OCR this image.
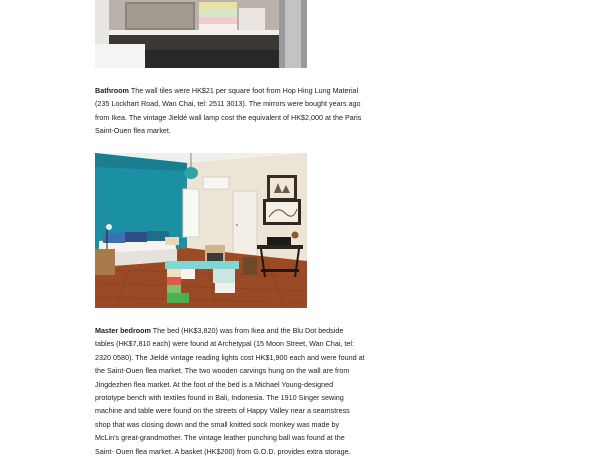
Bathroom The wall tiles were HK$21 per square foot from Hop Hing Lung Material
(235 Lockhart Road, Wan Chai, tel: 2511 3013). The mirrors were bought years ago
from Ikea. The vintage Jieldé wall lamp cost the equivalent of HK$2,000 at the Paris
Saint-Ouen flea market.

Master bedroom The bed (HK$3,820) was from Ikea and the Blu Dot bedside
tables (HK$7,810 each) were found at Archetypal (15 Moon Street, Wan Chai, tel:
2320 0580). The Jieldé vintage reading lights cost HK$1,900 each and were found at
the Saint-Ouen flea market. The two wooden carvings hung on the wall are from
Jingdezhen flea market. At the foot of the bed is a Michael Young-designed
prototype bench with textiles found in Bali, Indonesia. The 1910 Singer sewing
machine and table were found on the streets of Happy Valley near a seamstress
shop that was closing down and the small knitted sock monkey was made by
McLin's great-grandmother. The vintage leather punching ball was found at the
Saint- Ouen flea market. A basket (HK$200) from G.O.D. provides extra storage.
